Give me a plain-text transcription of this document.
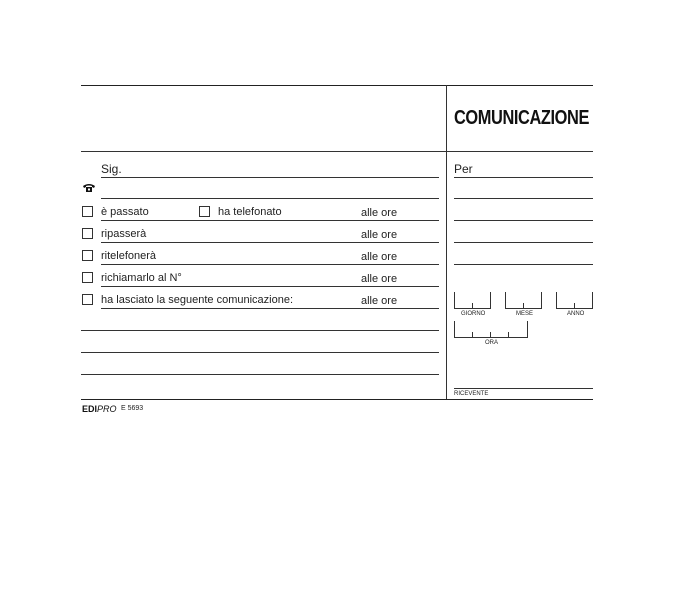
COMUNICAZIONE
Sig.
è passato	ha telefonato	alle ore
ripasserà	alle ore
ritelefonerà	alle ore
richiamarlo al N°	alle ore
ha lasciato la seguente comunicazione:	alle ore
Per
GIORNO	MESE	ANNO
ORA
RICEVENTE
EDIPRO E 5693
